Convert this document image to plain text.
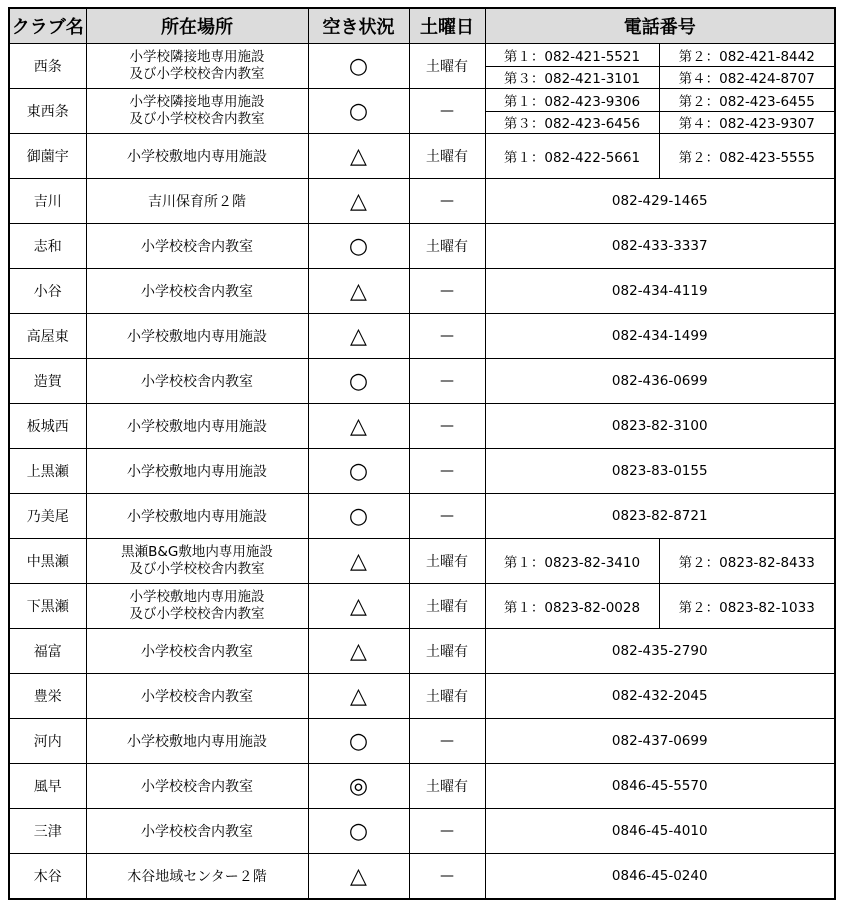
クラブ名	所在場所	空き状況	土曜日	電話番号	
西条	小学校隣接地専用施設
及び小学校校舎内教室	○	土曜有	第１：082-421-5521	第２：082-421-8442
				第３：082-421-3101	第４：082-424-8707
東西条	小学校隣接地専用施設
及び小学校校舎内教室	○	—	第１：082-423-9306	第２：082-423-6455
				第３：082-423-6456	第４：082-423-9307
御薗宇	小学校敷地内専用施設	△	土曜有	第１：082-422-5661	第２：082-423-5555
吉川	吉川保育所２階	△	—	082-429-1465	
志和	小学校校舎内教室	○	土曜有	082-433-3337	
小谷	小学校校舎内教室	△	—	082-434-4119	
高屋東	小学校敷地内専用施設	△	—	082-434-1499	
造賀	小学校校舎内教室	○	—	082-436-0699	
板城西	小学校敷地内専用施設	△	—	0823-82-3100	
上黒瀬	小学校敷地内専用施設	○	—	0823-83-0155	
乃美尾	小学校敷地内専用施設	○	—	0823-82-8721	
中黒瀬	黒瀬B&G敷地内専用施設
及び小学校校舎内教室	△	土曜有	第１：0823-82-3410	第２：0823-82-8433
下黒瀬	小学校敷地内専用施設
及び小学校校舎内教室	△	土曜有	第１：0823-82-0028	第２：0823-82-1033
福富	小学校校舎内教室	△	土曜有	082-435-2790	
豊栄	小学校校舎内教室	△	土曜有	082-432-2045	
河内	小学校敷地内専用施設	○	—	082-437-0699	
風早	小学校校舎内教室	◎	土曜有	0846-45-5570	
三津	小学校校舎内教室	○	—	0846-45-4010	
木谷	木谷地域センター２階	△	—	0846-45-0240	
